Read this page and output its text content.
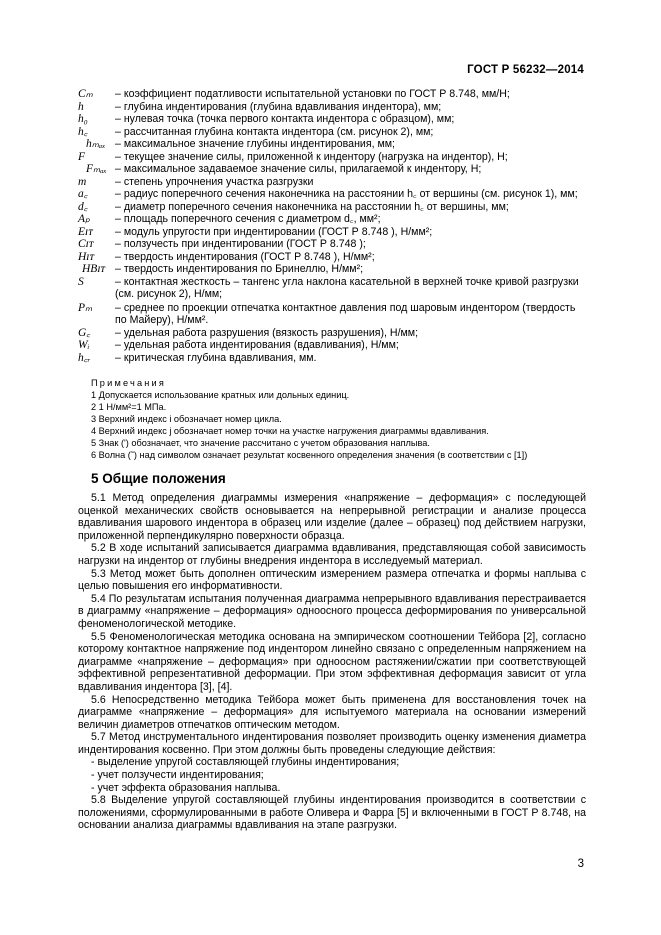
ГОСТ Р 56232—2014
Cₘ	– коэффициент податливости испытательной установки по ГОСТ Р 8.748, мм/Н;
h	– глубина индентирования (глубина вдавливания индентора), мм;
h₀	– нулевая точка (точка первого контакта индентора с образцом), мм;
h꜀	– рассчитанная глубина контакта индентора (см. рисунок 2), мм;
hₘₐₓ – максимальное значение глубины индентирования, мм;
F	– текущее значение силы, приложенной к индентору (нагрузка на индентор), Н;
Fₘₐₓ – максимальное задаваемое значение силы, прилагаемой к индентору, Н;
m	– степень упрочнения участка разгрузки
a꜀	– радиус поперечного сечения наконечника на расстоянии h꜀ от вершины (см. рисунок 1), мм;
d꜀	– диаметр поперечного сечения наконечника на расстоянии h꜀ от вершины, мм;
Aₚ	– площадь поперечного сечения с диаметром d꜀, мм²;
Eɪᴛ	– модуль упругости при индентировании (ГОСТ Р 8.748 ), Н/мм²;
Cɪᴛ	– ползучесть при индентировании (ГОСТ Р 8.748 );
Hɪᴛ	– твердость индентирования (ГОСТ Р 8.748 ), Н/мм²;
HBɪᴛ – твердость индентирования по Бринеллю, Н/мм²;
S	– контактная жесткость – тангенс угла наклона касательной в верхней точке кривой разгрузки (см. рисунок 2), Н/мм;
Pₘ	– среднее по проекции отпечатка контактное давления под шаровым индентором (твердость по Майеру), Н/мм².
G꜀	– удельная работа разрушения (вязкость разрушения), Н/мм;
Wᵢ	– удельная работа индентирования (вдавливания), Н/мм;
h꜀ᵣ	– критическая глубина вдавливания, мм.
Примечания
1 Допускается использование кратных или дольных единиц.
2 1 Н/мм²=1 МПа.
3 Верхний индекс i обозначает номер цикла.
4 Верхний индекс j обозначает номер точки на участке нагружения диаграммы вдавливания.
5 Знак (') обозначает, что значение рассчитано с учетом образования наплыва.
6 Волна (˜) над символом означает результат косвенного определения значения (в соответствии с [1])
5 Общие положения

5.1 Метод определения диаграммы измерения «напряжение – деформация» с последующей оценкой механических свойств основывается на непрерывной регистрации и анализе процесса вдавливания шарового индентора в образец или изделие (далее – образец) под действием нагрузки, приложенной перпендикулярно поверхности образца.

5.2 В ходе испытаний записывается диаграмма вдавливания, представляющая собой зависимость нагрузки на индентор от глубины внедрения индентора в исследуемый материал.

5.3 Метод может быть дополнен оптическим измерением размера отпечатка и формы наплыва с целью повышения его информативности.

5.4 По результатам испытания полученная диаграмма непрерывного вдавливания перестраивается в диаграмму «напряжение – деформация» одноосного процесса деформирования по универсальной феноменологической методике.

5.5 Феноменологическая методика основана на эмпирическом соотношении Тейбора [2], согласно которому контактное напряжение под индентором линейно связано с определенным напряжением на диаграмме «напряжение – деформация» при одноосном растяжении/сжатии при соответствующей эффективной репрезентативной деформации. При этом эффективная деформация зависит от угла вдавливания индентора [3], [4].

5.6 Непосредственно методика Тейбора может быть применена для восстановления точек на диаграмме «напряжение – деформация» для испытуемого материала на основании измерений величин диаметров отпечатков оптическим методом.

5.7 Метод инструментального индентирования позволяет производить оценку изменения диаметра индентирования косвенно. При этом должны быть проведены следующие действия:

- выделение упругой составляющей глубины индентирования;
- учет ползучести индентирования;
- учет эффекта образования наплыва.

5.8 Выделение упругой составляющей глубины индентирования производится в соответствии с положениями, сформулированными в работе Оливера и Фарра [5] и включенными в ГОСТ Р 8.748, на основании анализа диаграммы вдавливания на этапе разгрузки.

3
